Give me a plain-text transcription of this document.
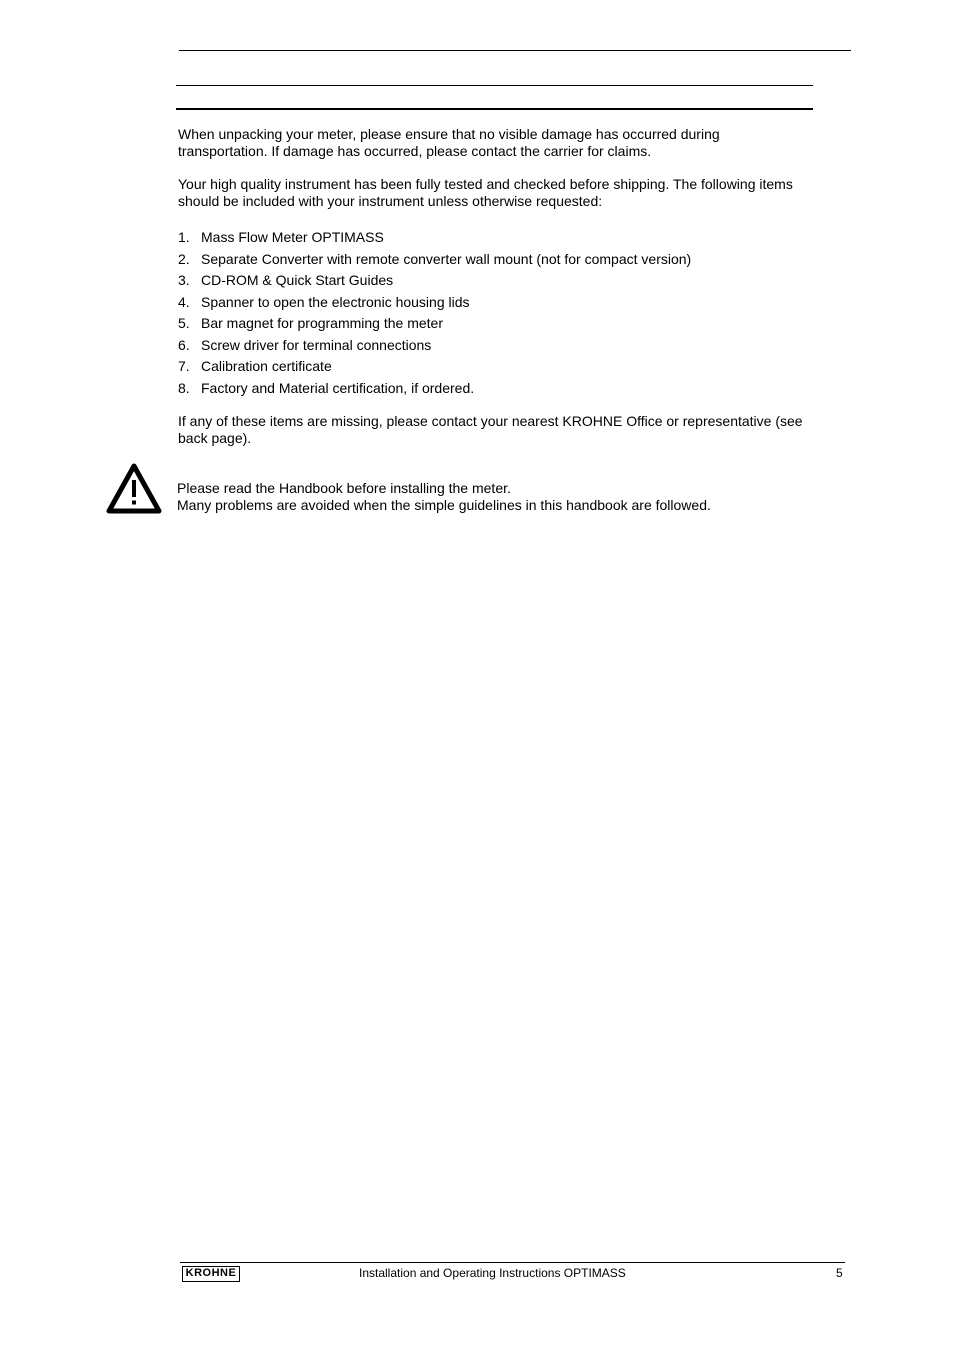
When unpacking your meter, please ensure that no visible damage has occurred during transportation. If damage has occurred, please contact the carrier for claims.

Your high quality instrument has been fully tested and checked before shipping. The following items should be included with your instrument unless otherwise requested:

1. Mass Flow Meter OPTIMASS
2. Separate Converter with remote converter wall mount (not for compact version)
3. CD-ROM & Quick Start Guides
4. Spanner to open the electronic housing lids
5. Bar magnet for programming the meter
6. Screw driver for terminal connections
7. Calibration certificate
8. Factory and Material certification, if ordered.

If any of these items are missing, please contact your nearest KROHNE Office or representative (see back page).

Please read the Handbook before installing the meter.
Many problems are avoided when the simple guidelines in this handbook are followed.
KROHNE	Installation and Operating Instructions OPTIMASS	5
